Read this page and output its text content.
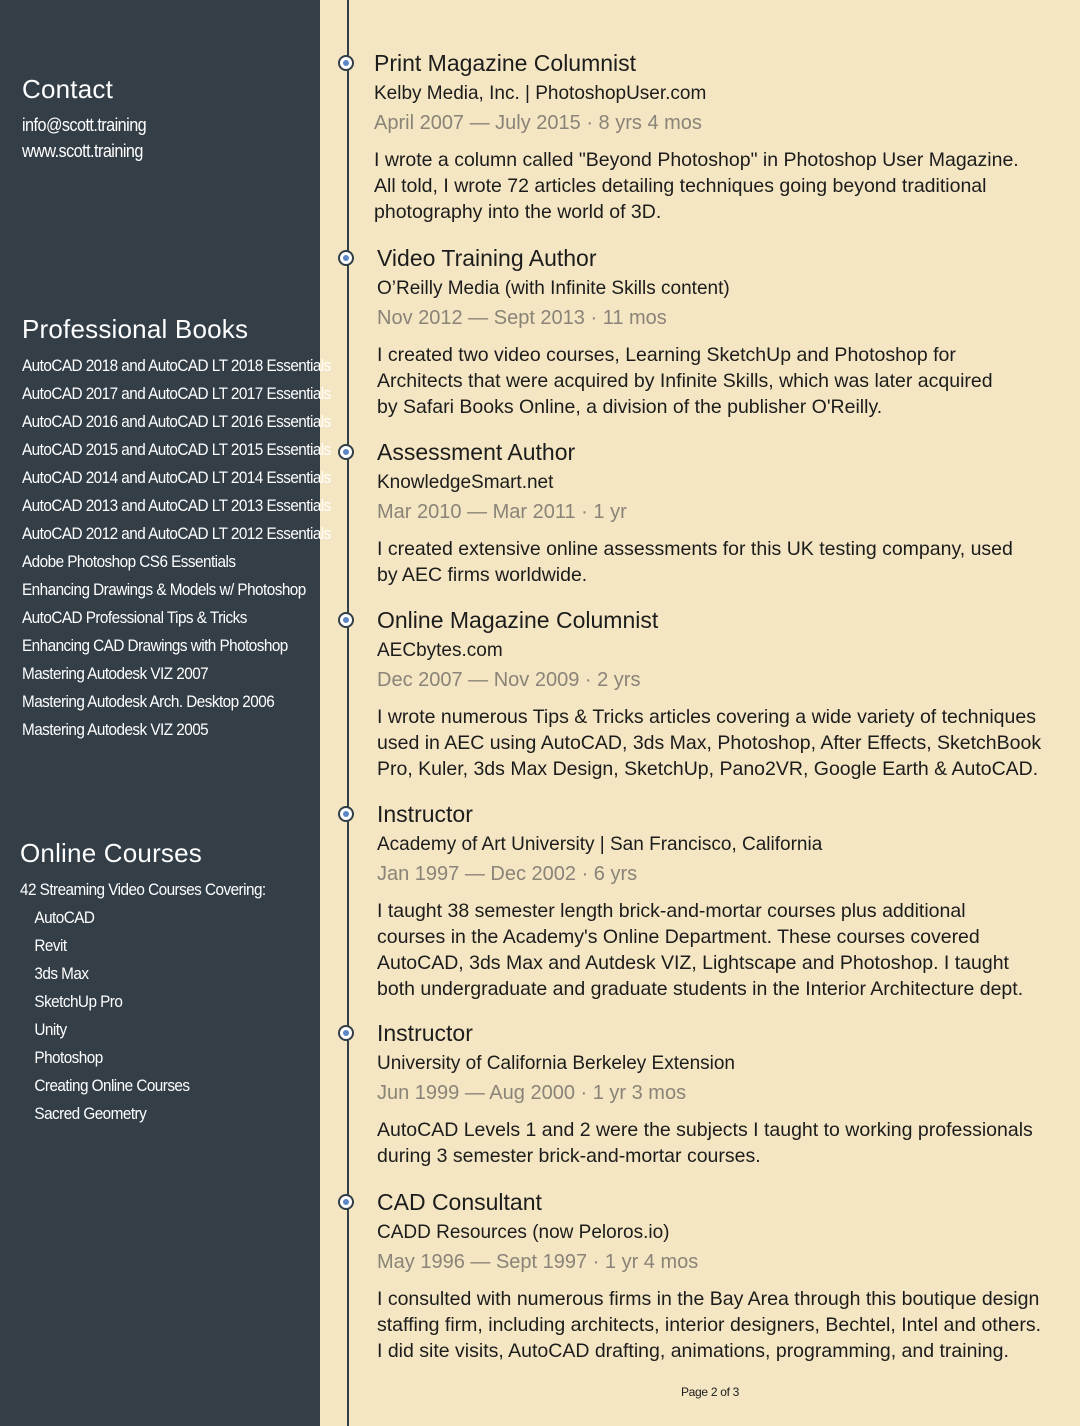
Contact
info@scott.training
www.scott.training
Professional Books
AutoCAD 2018 and AutoCAD LT 2018 Essentials
AutoCAD 2017 and AutoCAD LT 2017 Essentials
AutoCAD 2016 and AutoCAD LT 2016 Essentials
AutoCAD 2015 and AutoCAD LT 2015 Essentials
AutoCAD 2014 and AutoCAD LT 2014 Essentials
AutoCAD 2013 and AutoCAD LT 2013 Essentials
AutoCAD 2012 and AutoCAD LT 2012 Essentials
Adobe Photoshop CS6 Essentials
Enhancing Drawings & Models w/ Photoshop
AutoCAD Professional Tips & Tricks
Enhancing CAD Drawings with Photoshop
Mastering Autodesk VIZ 2007
Mastering Autodesk Arch. Desktop 2006
Mastering Autodesk VIZ 2005
Online Courses
42 Streaming Video Courses Covering:
AutoCAD
Revit
3ds Max
SketchUp Pro
Unity
Photoshop
Creating Online Courses
Sacred Geometry
Print Magazine Columnist
Kelby Media, Inc. | PhotoshopUser.com
April 2007 — July 2015 · 8 yrs 4 mos
I wrote a column called "Beyond Photoshop" in Photoshop User Magazine.
All told, I wrote 72 articles detailing techniques going beyond traditional
photography into the world of 3D.
Video Training Author
O’Reilly Media (with Infinite Skills content)
Nov 2012 — Sept 2013 · 11 mos
I created two video courses, Learning SketchUp and Photoshop for
Architects that were acquired by Infinite Skills, which was later acquired
by Safari Books Online, a division of the publisher O'Reilly.
Assessment Author
KnowledgeSmart.net
Mar 2010 — Mar 2011 · 1 yr
I created extensive online assessments for this UK testing company, used
by AEC firms worldwide.
Online Magazine Columnist
AECbytes.com
Dec 2007 — Nov 2009 · 2 yrs
I wrote numerous Tips & Tricks articles covering a wide variety of techniques
used in AEC using AutoCAD, 3ds Max, Photoshop, After Effects, SketchBook
Pro, Kuler, 3ds Max Design, SketchUp, Pano2VR, Google Earth & AutoCAD.
Instructor
Academy of Art University | San Francisco, California
Jan 1997 — Dec 2002 · 6 yrs
I taught 38 semester length brick-and-mortar courses plus additional
courses in the Academy's Online Department. These courses covered
AutoCAD, 3ds Max and Autdesk VIZ, Lightscape and Photoshop. I taught
both undergraduate and graduate students in the Interior Architecture dept.
Instructor
University of California Berkeley Extension
Jun 1999 — Aug 2000 · 1 yr 3 mos
AutoCAD Levels 1 and 2 were the subjects I taught to working professionals
during 3 semester brick-and-mortar courses.
CAD Consultant
CADD Resources (now Peloros.io)
May 1996 — Sept 1997 · 1 yr 4 mos
I consulted with numerous firms in the Bay Area through this boutique design
staffing firm, including architects, interior designers, Bechtel, Intel and others.
I did site visits, AutoCAD drafting, animations, programming, and training.
Page 2 of 3
